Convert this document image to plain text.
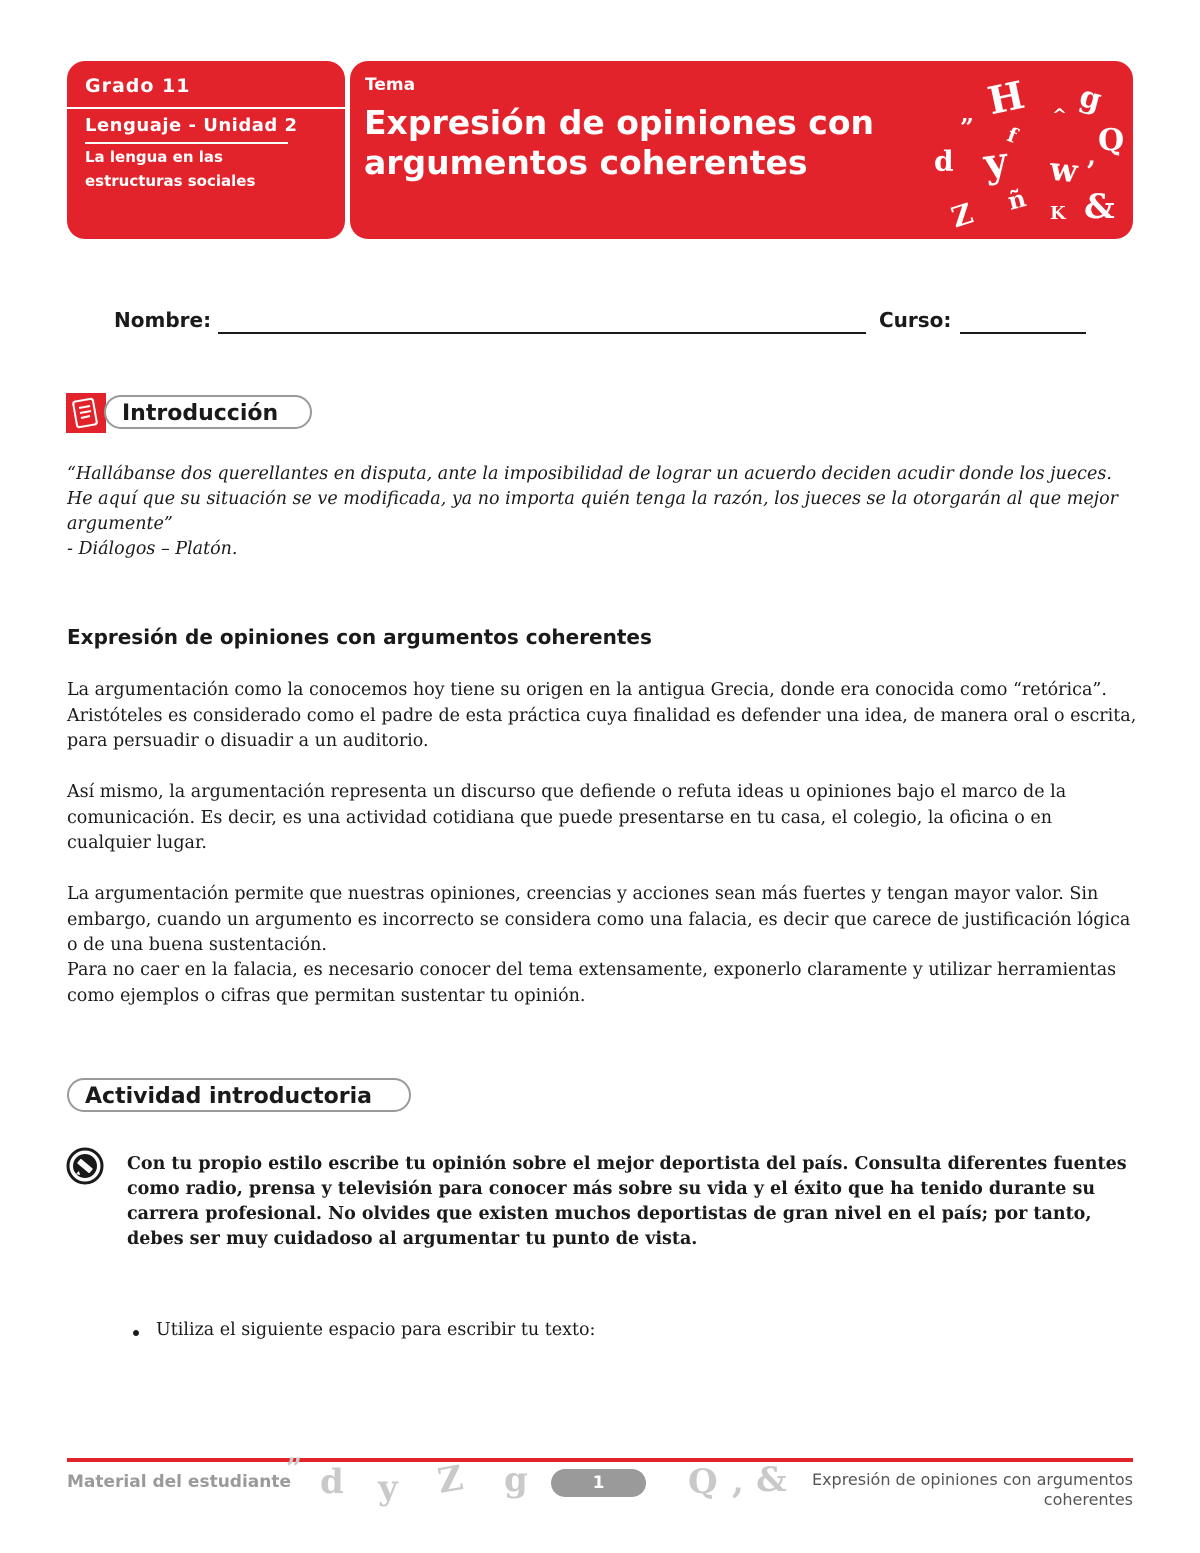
Grado 11
Lenguaje - Unidad 2
La lengua en las estructuras sociales
Tema
Expresión de opiniones con argumentos coherentes
H g
” f
^
Q
d y w ’
ñ
Z	K &
Nombre:	Curso:
Introducción
“Hallábanse dos querellantes en disputa, ante la imposibilidad de lograr un acuerdo deciden acudir donde los jueces. He aquí que su situación se ve modificada, ya no importa quién tenga la razón, los jueces se la otorgarán al que mejor argumente”
- Diálogos – Platón.
Expresión de opiniones con argumentos coherentes
La argumentación como la conocemos hoy tiene su origen en la antigua Grecia, donde era conocida como “retórica”. Aristóteles es considerado como el padre de esta práctica cuya finalidad es defender una idea, de manera oral o escrita, para persuadir o disuadir a un auditorio.
Así mismo, la argumentación representa un discurso que defiende o refuta ideas u opiniones bajo el marco de la comunicación. Es decir, es una actividad cotidiana que puede presentarse en tu casa, el colegio, la oficina o en cualquier lugar.
La argumentación permite que nuestras opiniones, creencias y acciones sean más fuertes y tengan mayor valor. Sin embargo, cuando un argumento es incorrecto se considera como una falacia, es decir que carece de justificación lógica o de una buena sustentación.
Para no caer en la falacia, es necesario conocer del tema extensamente, exponerlo claramente y utilizar herramientas como ejemplos o cifras que permitan sustentar tu opinión.
Actividad introductoria
Con tu propio estilo escribe tu opinión sobre el mejor deportista del país. Consulta diferentes fuentes como radio, prensa y televisión para conocer más sobre su vida y el éxito que ha tenido durante su carrera profesional. No olvides que existen muchos deportistas de gran nivel en el país; por tanto, debes ser muy cuidadoso al argumentar tu punto de vista.
Utiliza el siguiente espacio para escribir tu texto:
Material del estudiante
” d y Z g	Q , &
1	Expresión de opiniones con argumentos coherentes
